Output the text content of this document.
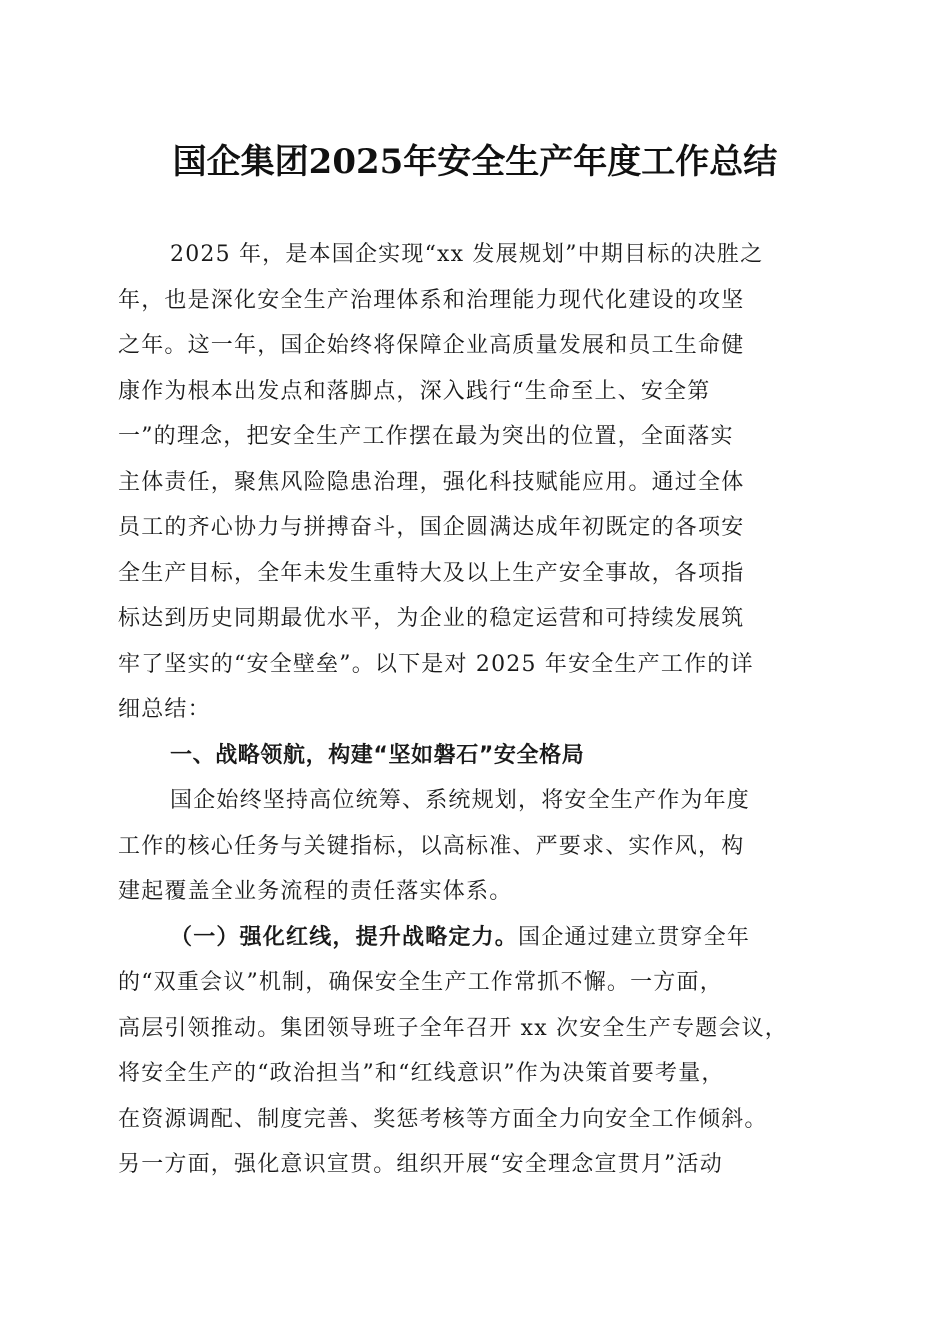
国企集团2025年安全生产年度工作总结
2025 年，是本国企实现“xx 发展规划”中期目标的决胜之
年，也是深化安全生产治理体系和治理能力现代化建设的攻坚
之年。这一年，国企始终将保障企业高质量发展和员工生命健
康作为根本出发点和落脚点，深入践行“生命至上、安全第
一”的理念，把安全生产工作摆在最为突出的位置，全面落实
主体责任，聚焦风险隐患治理，强化科技赋能应用。通过全体
员工的齐心协力与拼搏奋斗，国企圆满达成年初既定的各项安
全生产目标，全年未发生重特大及以上生产安全事故，各项指
标达到历史同期最优水平，为企业的稳定运营和可持续发展筑
牢了坚实的“安全壁垒”。以下是对 2025 年安全生产工作的详
细总结：
一、战略领航，构建“坚如磐石”安全格局
国企始终坚持高位统筹、系统规划，将安全生产作为年度
工作的核心任务与关键指标，以高标准、严要求、实作风，构
建起覆盖全业务流程的责任落实体系。
（一）强化红线，提升战略定力。国企通过建立贯穿全年
的“双重会议”机制，确保安全生产工作常抓不懈。一方面，
高层引领推动。集团领导班子全年召开 xx 次安全生产专题会议，
将安全生产的“政治担当”和“红线意识”作为决策首要考量，
在资源调配、制度完善、奖惩考核等方面全力向安全工作倾斜。
另一方面，强化意识宣贯。组织开展“安全理念宣贯月”活动
